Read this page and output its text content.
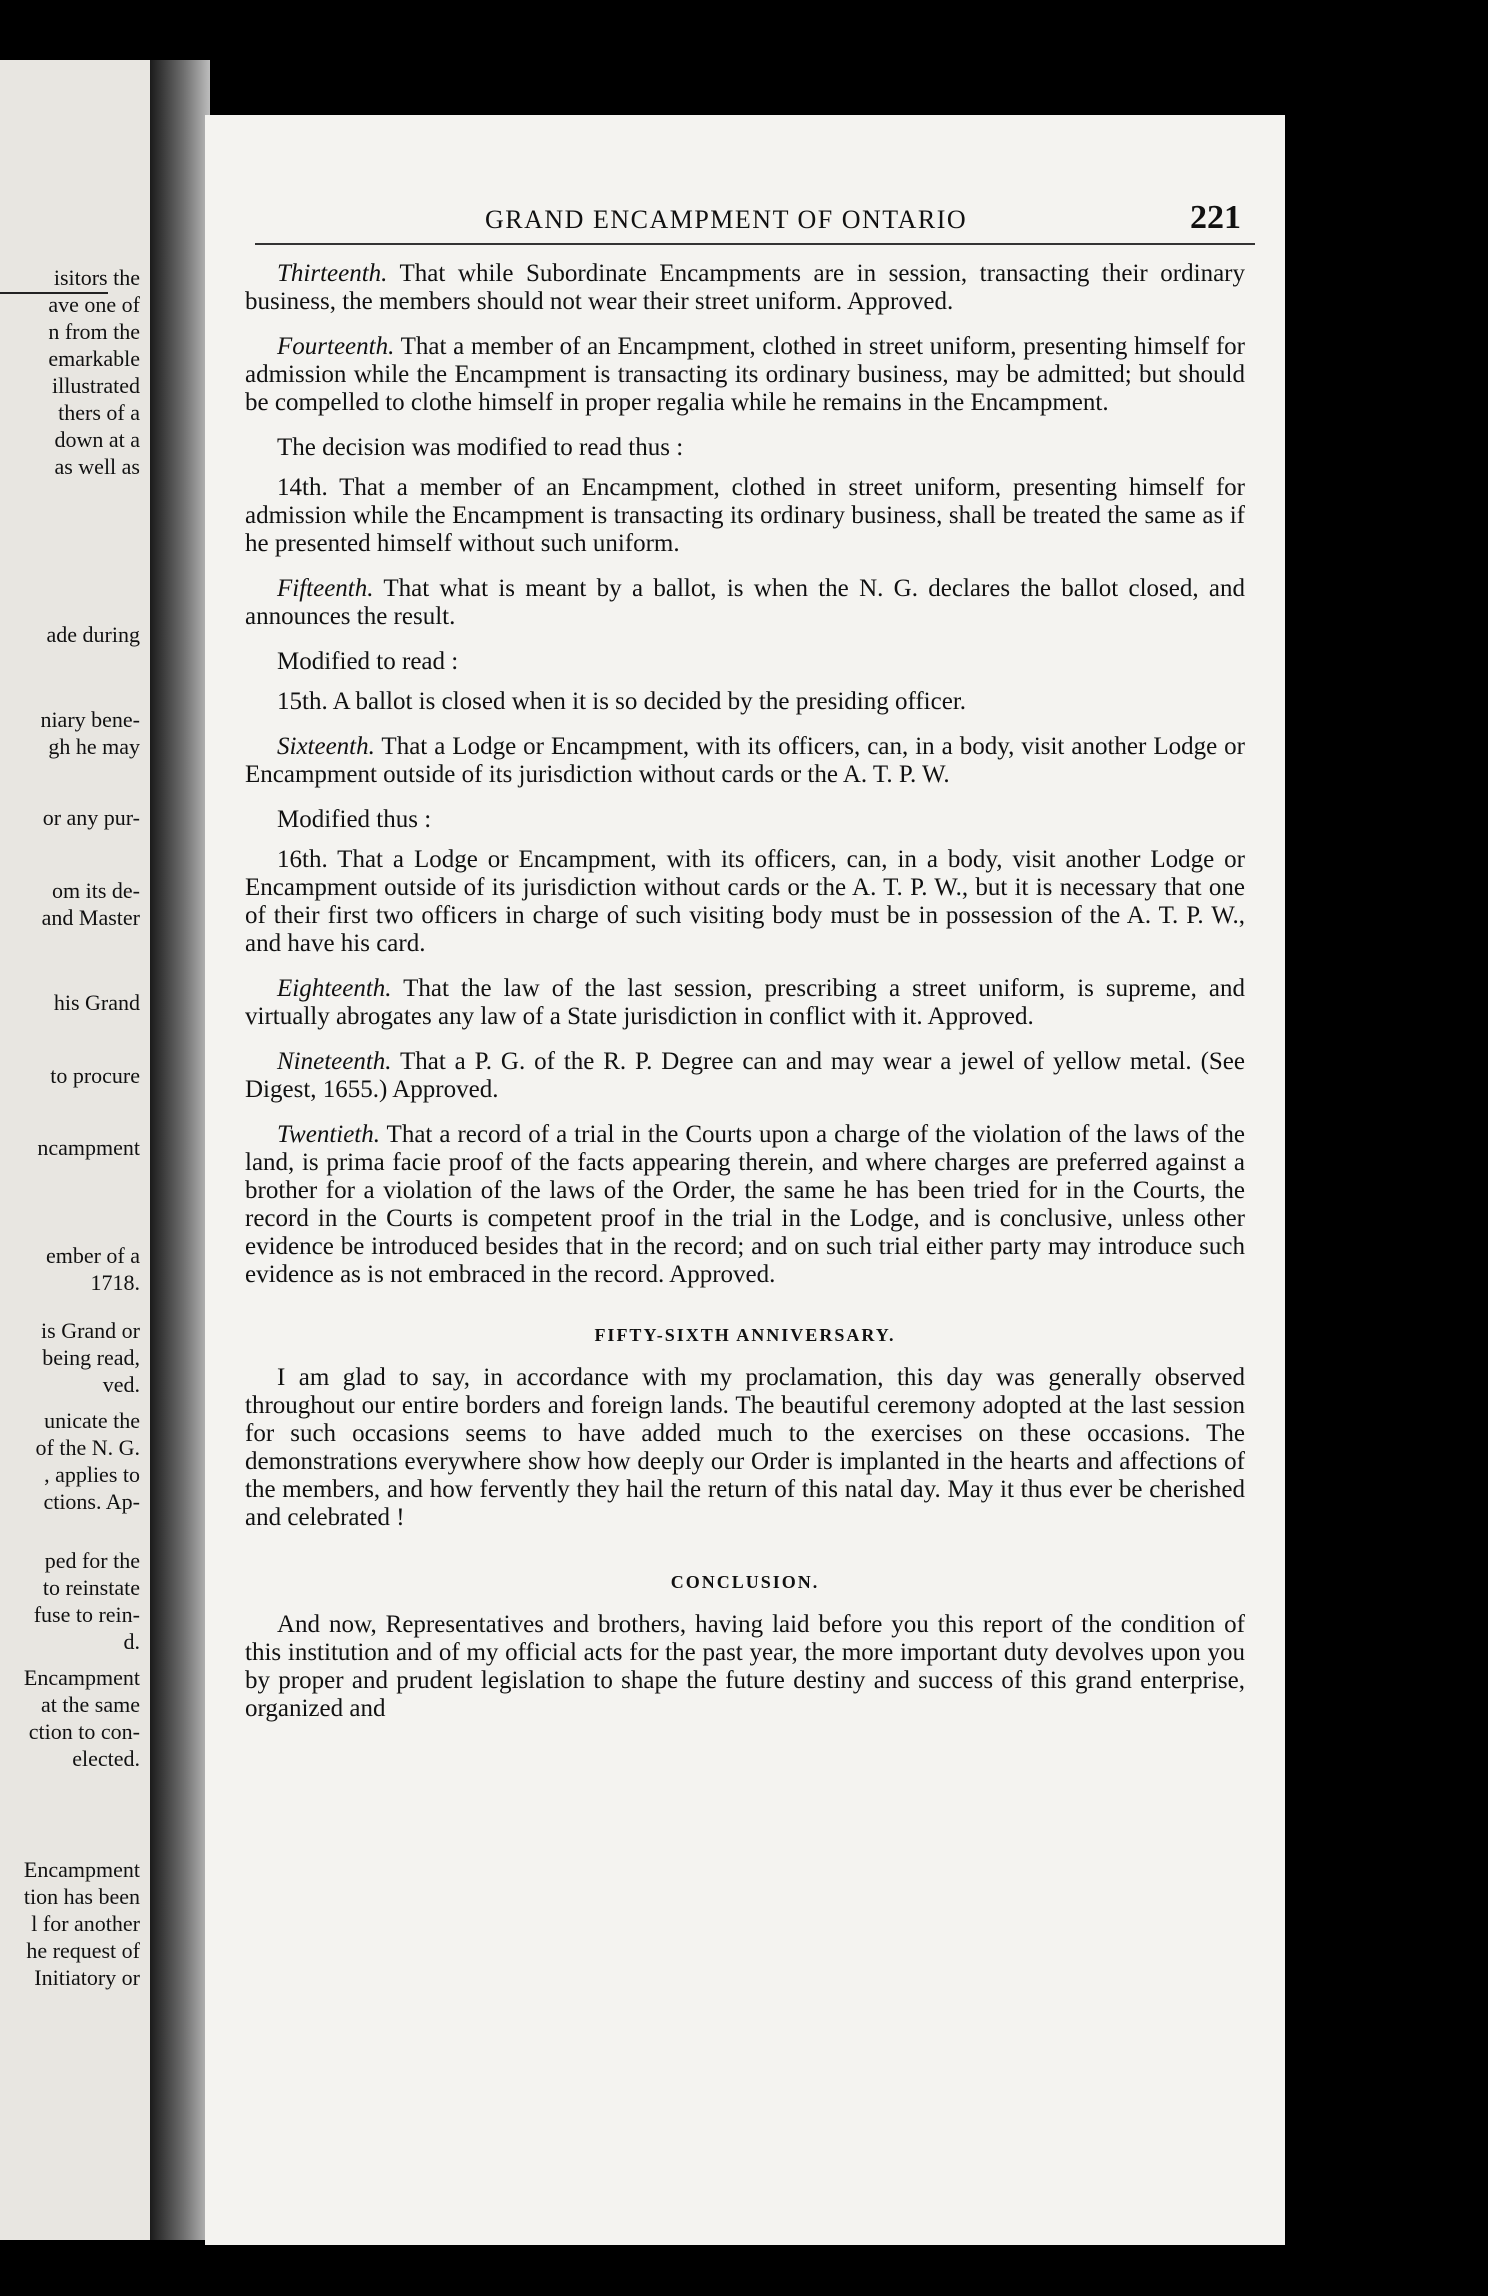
isitors the
ave one of
n from the
emarkable
illustrated
thers of a
down at a
as well as
ade during
niary bene-
gh he may
or any pur-
om its de-
and Master
his Grand
to procure
ncampment
ember of a
1718.
is Grand or
being read,
ved.
unicate the
of the N. G.
, applies to
ctions. Ap-
ped for the
to reinstate
fuse to rein-
d.
Encampment
at the same
ction to con-
elected.
Encampment
tion has been
l for another
he request of
Initiatory or
GRAND ENCAMPMENT OF ONTARIO	221

Thirteenth. That while Subordinate Encampments are in session, transacting their ordinary business, the members should not wear their street uniform. Approved.

Fourteenth. That a member of an Encampment, clothed in street uniform, presenting himself for admission while the Encampment is transacting its ordinary business, may be admitted; but should be compelled to clothe himself in proper regalia while he remains in the Encampment.

The decision was modified to read thus :

14th. That a member of an Encampment, clothed in street uniform, presenting himself for admission while the Encampment is transacting its ordinary business, shall be treated the same as if he presented himself without such uniform.

Fifteenth. That what is meant by a ballot, is when the N. G. declares the ballot closed, and announces the result.

Modified to read :

15th. A ballot is closed when it is so decided by the presiding officer.

Sixteenth. That a Lodge or Encampment, with its officers, can, in a body, visit another Lodge or Encampment outside of its jurisdiction without cards or the A. T. P. W.

Modified thus :

16th. That a Lodge or Encampment, with its officers, can, in a body, visit another Lodge or Encampment outside of its jurisdiction without cards or the A. T. P. W., but it is necessary that one of their first two officers in charge of such visiting body must be in possession of the A. T. P. W., and have his card.

Eighteenth. That the law of the last session, prescribing a street uniform, is supreme, and virtually abrogates any law of a State jurisdiction in conflict with it. Approved.

Nineteenth. That a P. G. of the R. P. Degree can and may wear a jewel of yellow metal. (See Digest, 1655.) Approved.

Twentieth. That a record of a trial in the Courts upon a charge of the violation of the laws of the land, is prima facie proof of the facts appearing therein, and where charges are preferred against a brother for a violation of the laws of the Order, the same he has been tried for in the Courts, the record in the Courts is competent proof in the trial in the Lodge, and is conclusive, unless other evidence be introduced besides that in the record; and on such trial either party may introduce such evidence as is not embraced in the record. Approved.

FIFTY-SIXTH ANNIVERSARY.

I am glad to say, in accordance with my proclamation, this day was generally observed throughout our entire borders and foreign lands. The beautiful ceremony adopted at the last session for such occasions seems to have added much to the exercises on these occasions. The demonstrations everywhere show how deeply our Order is implanted in the hearts and affections of the members, and how fervently they hail the return of this natal day. May it thus ever be cherished and celebrated !

CONCLUSION.

And now, Representatives and brothers, having laid before you this report of the condition of this institution and of my official acts for the past year, the more important duty devolves upon you by proper and prudent legislation to shape the future destiny and success of this grand enterprise, organized and
